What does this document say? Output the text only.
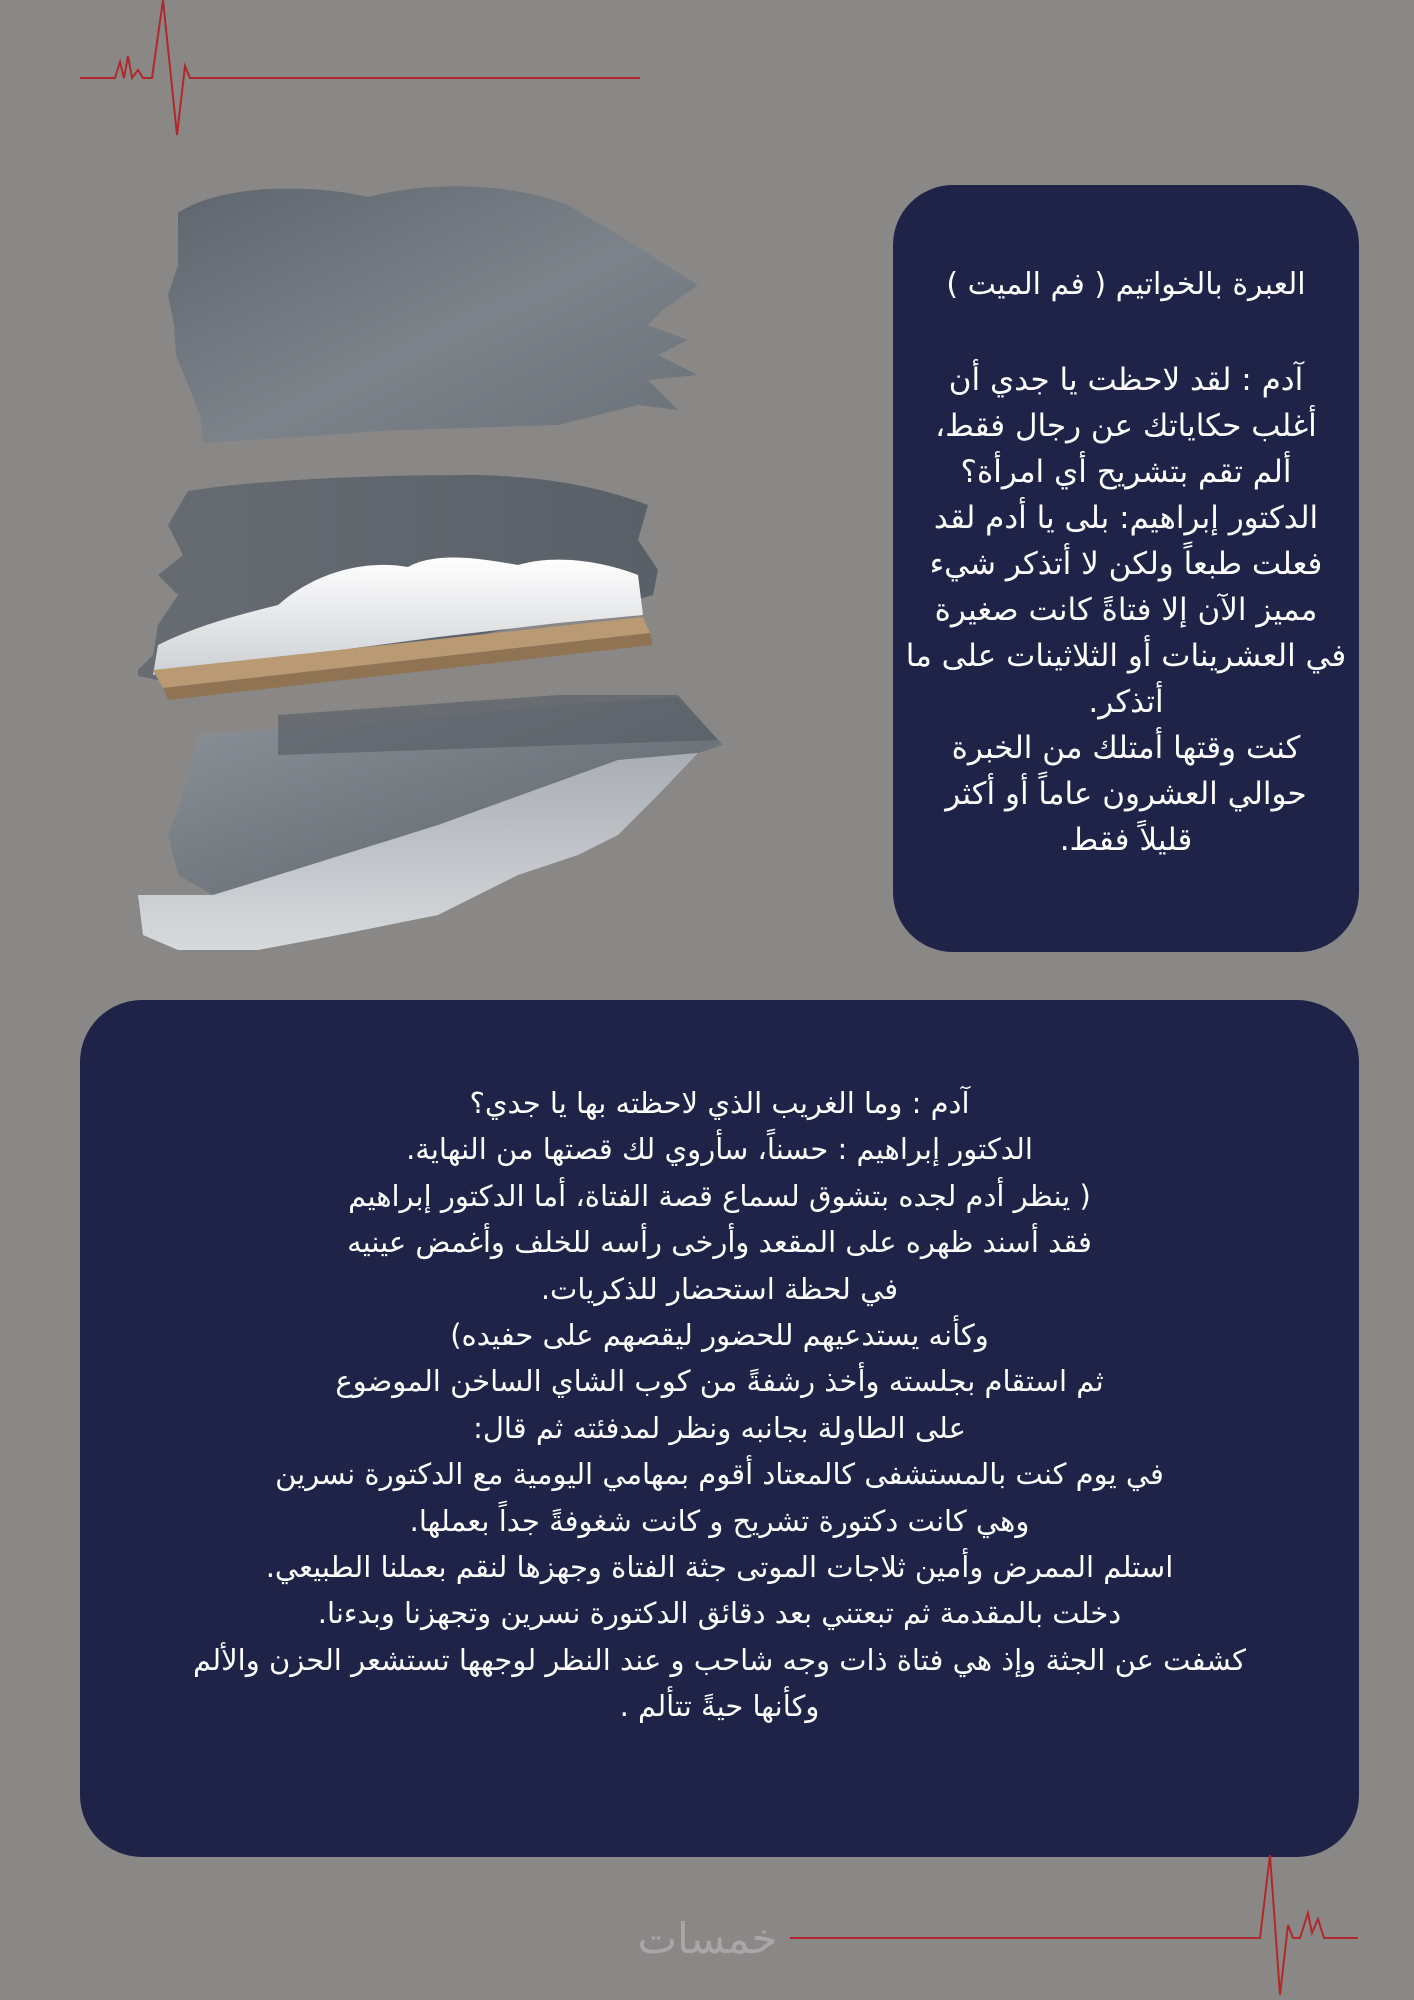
العبرة بالخواتيم ( فم الميت )

آدم : لقد لاحظت يا جدي أن
أغلب حكاياتك عن رجال فقط،
ألم تقم بتشريح أي امرأة؟
الدكتور إبراهيم: بلى يا أدم لقد
فعلت طبعاً ولكن لا أتذكر شيء
مميز الآن إلا فتاةً كانت صغيرة
في العشرينات أو الثلاثينات على ما
أتذكر.
كنت وقتها أمتلك من الخبرة
حوالي العشرون عاماً أو أكثر
قليلاً فقط.

آدم : وما الغريب الذي لاحظته بها يا جدي؟
الدكتور إبراهيم : حسناً، سأروي لك قصتها من النهاية.
( ينظر أدم لجده بتشوق لسماع قصة الفتاة، أما الدكتور إبراهيم
فقد أسند ظهره على المقعد وأرخى رأسه للخلف وأغمض عينيه
في لحظة استحضار للذكريات.
وكأنه يستدعيهم للحضور ليقصهم على حفيده)
ثم استقام بجلسته وأخذ رشفةً من كوب الشاي الساخن الموضوع
على الطاولة بجانبه ونظر لمدفئته ثم قال:
في يوم كنت بالمستشفى كالمعتاد أقوم بمهامي اليومية مع الدكتورة نسرين
وهي كانت دكتورة تشريح و كانت شغوفةً جداً بعملها.
استلم الممرض وأمين ثلاجات الموتى جثة الفتاة وجهزها لنقم بعملنا الطبيعي.
دخلت بالمقدمة ثم تبعتني بعد دقائق الدكتورة نسرين وتجهزنا وبدءنا.
كشفت عن الجثة وإذ هي فتاة ذات وجه شاحب و عند النظر لوجهها تستشعر الحزن والألم
وكأنها حيةً تتألم .

خمسات
